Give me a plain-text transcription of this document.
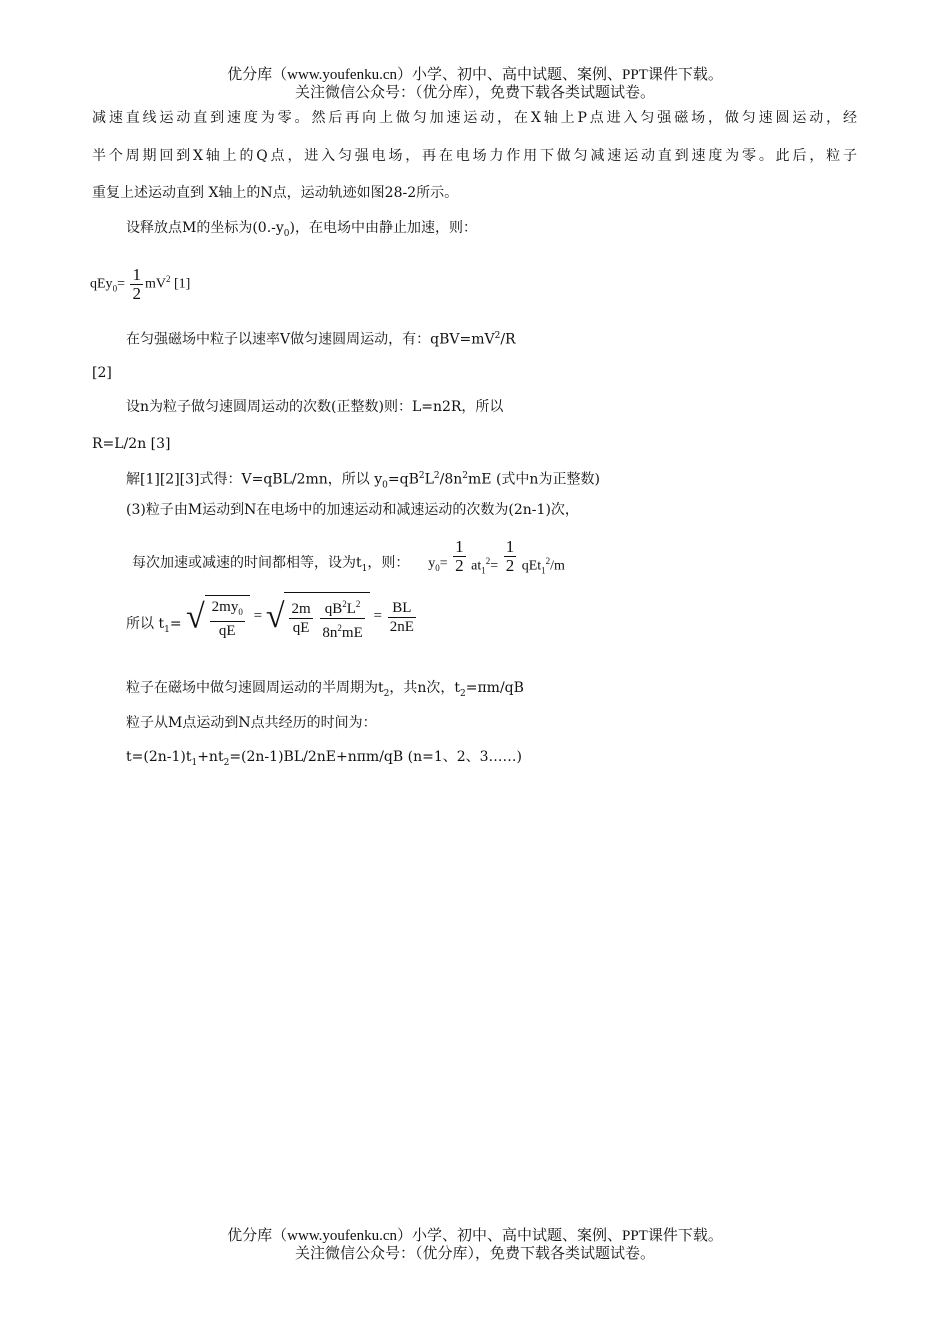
优分库（www.youfenku.cn）小学、初中、高中试题、案例、PPT课件下载。
关注微信公众号：（优分库），免费下载各类试题试卷。
减速直线运动直到速度为零。然后再向上做匀加速运动，在X轴上P点进入匀强磁场，做匀速圆运动，经
半个周期回到X轴上的Q点，进入匀强电场，再在电场力作用下做匀减速运动直到速度为零。此后，粒子
重复上述运动直到 X轴上的N点，运动轨迹如图28-2所示。
设释放点M的坐标为$(0.-y_0)$，在电场中由静止加速，则：
$qEy_0= \frac{1}{2} mV^2$ [1]
在匀强磁场中粒子以速率V做匀速圆周运动，有：$qBV=mV^2/R$
[2]
设n为粒子做匀速圆周运动的次数(正整数)则：L=n2R，所以
R=L/2n [3]
解[1][2][3]式得：V=qBL/2mn，所以 $y_0=qB^2L^2/8n^2mE$ (式中n为正整数)
(3)粒子由M运动到N在电场中的加速运动和减速运动的次数为(2n-1)次，
每次加速或减速的时间都相等，设为$t_1$，则： $y_0= \frac{1}{2} at_1^2= \frac{1}{2} qEt_1^2/m$
所以 $t_1=$ √ $\frac{2my_0}{qE}$ = √ $\frac{2m}{qE}$
$\frac{qB^2L^2}{8n^2mE} = \frac{BL}{2nE}$
粒子在磁场中做匀速圆周运动的半周期为$t_2$，共n次，$t_2=\pi m/qB$
粒子从M点运动到N点共经历的时间为：
$t=(2n-1)t_1+nt_2=(2n-1)BL/2nE+n\pi m/qB$ (n=1、2、3……)
优分库（www.youfenku.cn）小学、初中、高中试题、案例、PPT课件下载。
关注微信公众号：（优分库），免费下载各类试题试卷。
